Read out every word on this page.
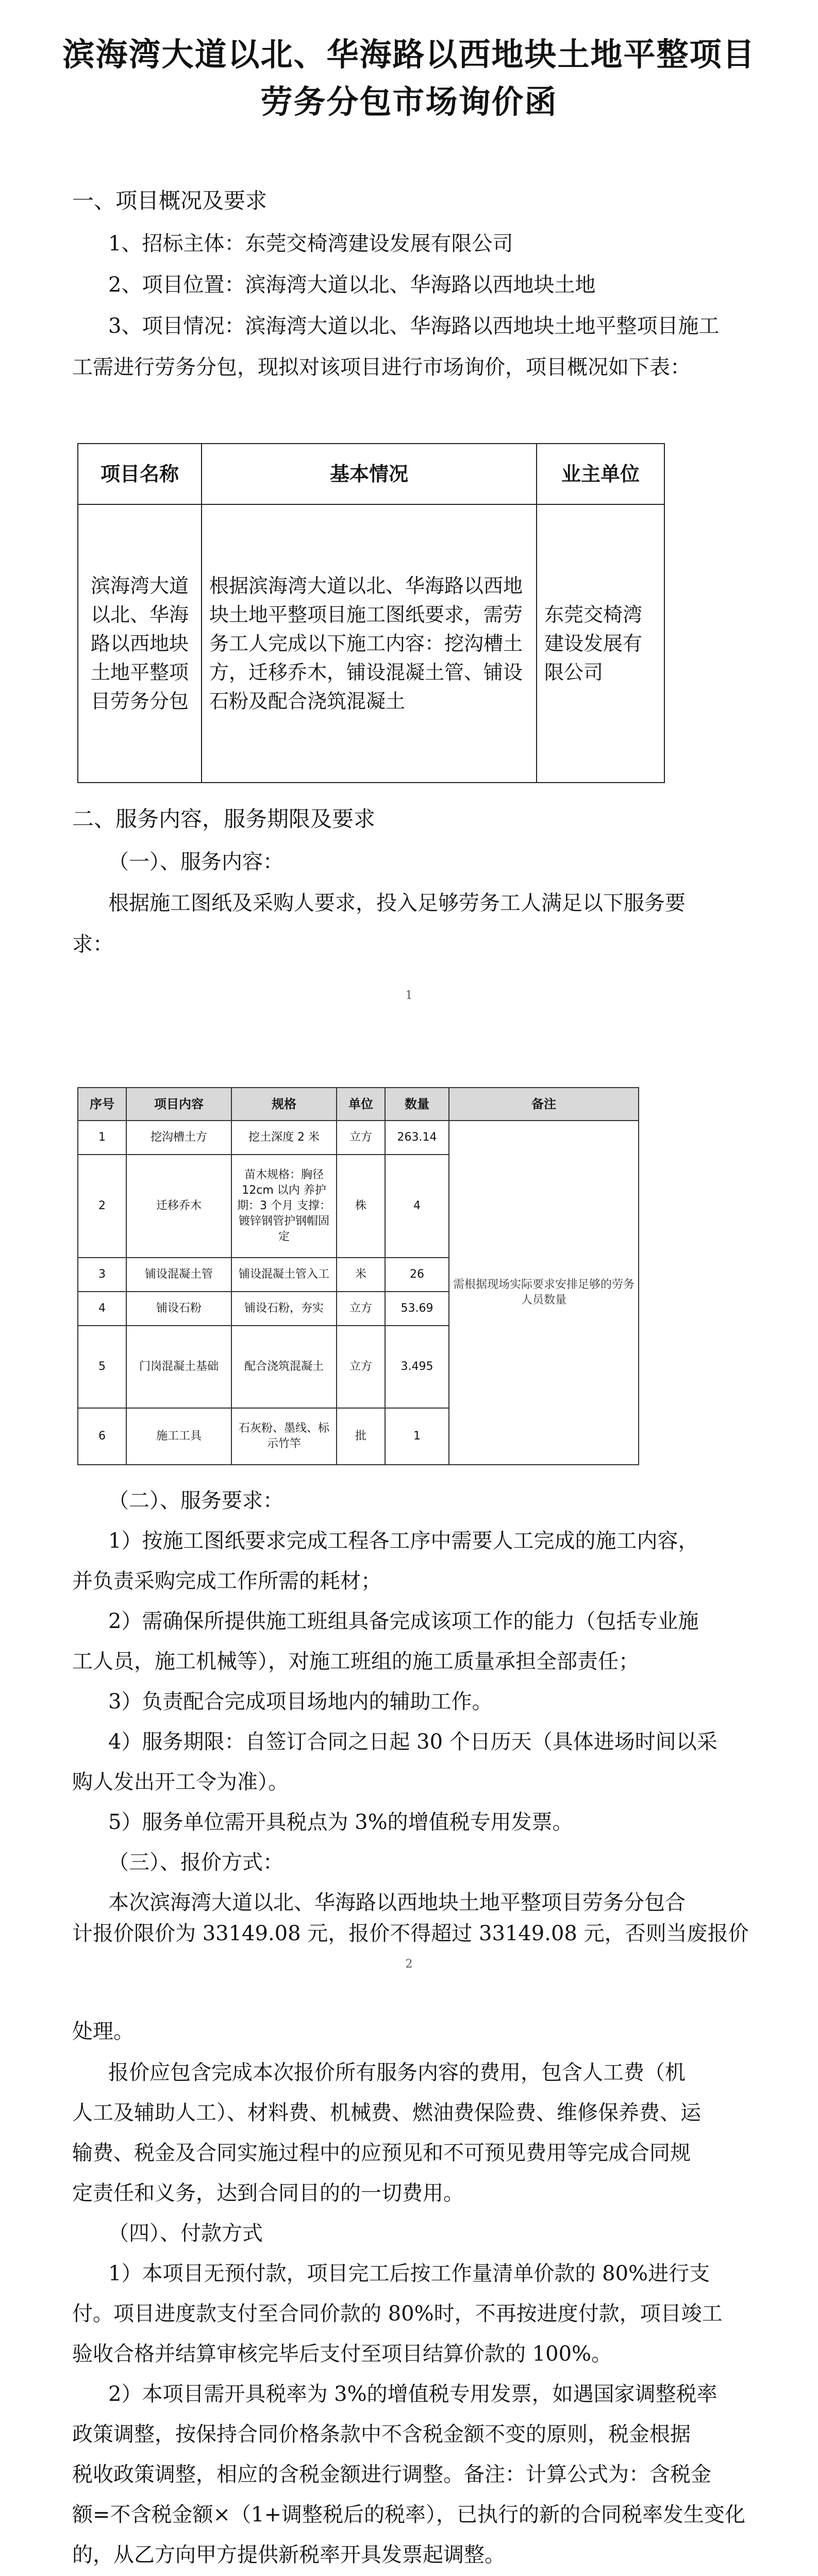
滨海湾大道以北、华海路以西地块土地平整项目
劳务分包市场询价函
一、项目概况及要求
1、招标主体：东莞交椅湾建设发展有限公司
2、项目位置：滨海湾大道以北、华海路以西地块土地
3、项目情况：滨海湾大道以北、华海路以西地块土地平整项目施工
工需进行劳务分包，现拟对该项目进行市场询价，项目概况如下表：
项目名称	基本情况	业主单位
滨海湾大道以北、华海路以西地块土地平整项目劳务分包	根据滨海湾大道以北、华海路以西地块土地平整项目施工图纸要求，需劳务工人完成以下施工内容：挖沟槽土方，迁移乔木，铺设混凝土管、铺设石粉及配合浇筑混凝土	东莞交椅湾建设发展有限公司
二、服务内容，服务期限及要求
（一）、服务内容：
根据施工图纸及采购人要求，投入足够劳务工人满足以下服务要
求：
1
序号	项目内容	规格	单位	数量	备注
1	挖沟槽土方	挖土深度 2 米	立方	263.14	需根据现场实际要求安排足够的劳务人员数量
2	迁移乔木	苗木规格：胸径 12cm 以内 养护期：3 个月 支撑：镀锌钢管护钢帽固定	株	4	
3	铺设混凝土管	铺设混凝土管入工	米	26	
4	铺设石粉	铺设石粉，夯实	立方	53.69	
5	门岗混凝土基础	配合浇筑混凝土	立方	3.495	
6	施工工具	石灰粉、墨线、标示竹竿	批	1	
（二）、服务要求：
1）按施工图纸要求完成工程各工序中需要人工完成的施工内容，
并负责采购完成工作所需的耗材；
2）需确保所提供施工班组具备完成该项工作的能力（包括专业施
工人员，施工机械等），对施工班组的施工质量承担全部责任；
3）负责配合完成项目场地内的辅助工作。
4）服务期限：自签订合同之日起 30 个日历天（具体进场时间以采
购人发出开工令为准）。
5）服务单位需开具税点为 3%的增值税专用发票。
（三）、报价方式：
本次滨海湾大道以北、华海路以西地块土地平整项目劳务分包合
计报价限价为 33149.08 元，报价不得超过 33149.08 元，否则当废报价
2
处理。
报价应包含完成本次报价所有服务内容的费用，包含人工费（机
人工及辅助人工）、材料费、机械费、燃油费保险费、维修保养费、运
输费、税金及合同实施过程中的应预见和不可预见费用等完成合同规
定责任和义务，达到合同目的的一切费用。
（四）、付款方式
1）本项目无预付款，项目完工后按工作量清单价款的 80%进行支
付。项目进度款支付至合同价款的 80%时，不再按进度付款，项目竣工
验收合格并结算审核完毕后支付至项目结算价款的 100%。
2）本项目需开具税率为 3%的增值税专用发票，如遇国家调整税率
政策调整，按保持合同价格条款中不含税金额不变的原则，税金根据
税收政策调整，相应的含税金额进行调整。备注：计算公式为：含税金
额=不含税金额×（1+调整税后的税率），已执行的新的合同税率发生变化
的，从乙方向甲方提供新税率开具发票起调整。
